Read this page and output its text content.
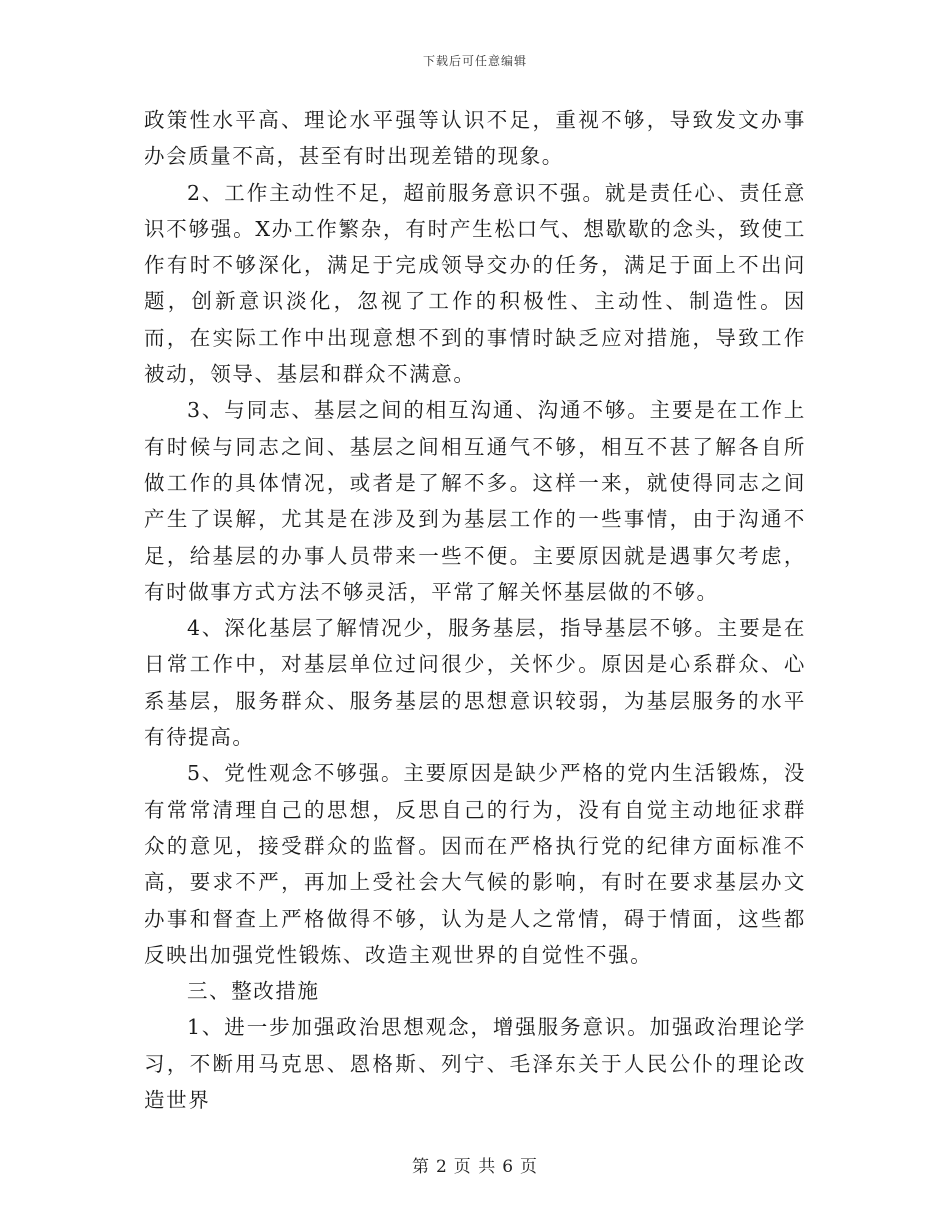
下载后可任意编辑

政策性水平高、理论水平强等认识不足，重视不够，导致发文办事办会质量不高，甚至有时出现差错的现象。

2、工作主动性不足，超前服务意识不强。就是责任心、责任意识不够强。X办工作繁杂，有时产生松口气、想歇歇的念头，致使工作有时不够深化，满足于完成领导交办的任务，满足于面上不出问题，创新意识淡化，忽视了工作的积极性、主动性、制造性。因而，在实际工作中出现意想不到的事情时缺乏应对措施，导致工作被动，领导、基层和群众不满意。

3、与同志、基层之间的相互沟通、沟通不够。主要是在工作上有时候与同志之间、基层之间相互通气不够，相互不甚了解各自所做工作的具体情况，或者是了解不多。这样一来，就使得同志之间产生了误解，尤其是在涉及到为基层工作的一些事情，由于沟通不足，给基层的办事人员带来一些不便。主要原因就是遇事欠考虑，有时做事方式方法不够灵活，平常了解关怀基层做的不够。

4、深化基层了解情况少，服务基层，指导基层不够。主要是在日常工作中，对基层单位过问很少，关怀少。原因是心系群众、心系基层，服务群众、服务基层的思想意识较弱，为基层服务的水平有待提高。

5、党性观念不够强。主要原因是缺少严格的党内生活锻炼，没有常常清理自己的思想，反思自己的行为，没有自觉主动地征求群众的意见，接受群众的监督。因而在严格执行党的纪律方面标准不高，要求不严，再加上受社会大气候的影响，有时在要求基层办文办事和督查上严格做得不够，认为是人之常情，碍于情面，这些都反映出加强党性锻炼、改造主观世界的自觉性不强。

三、整改措施

1、进一步加强政治思想观念，增强服务意识。加强政治理论学习，不断用马克思、恩格斯、列宁、毛泽东关于人民公仆的理论改造世界

第 2 页 共 6 页
